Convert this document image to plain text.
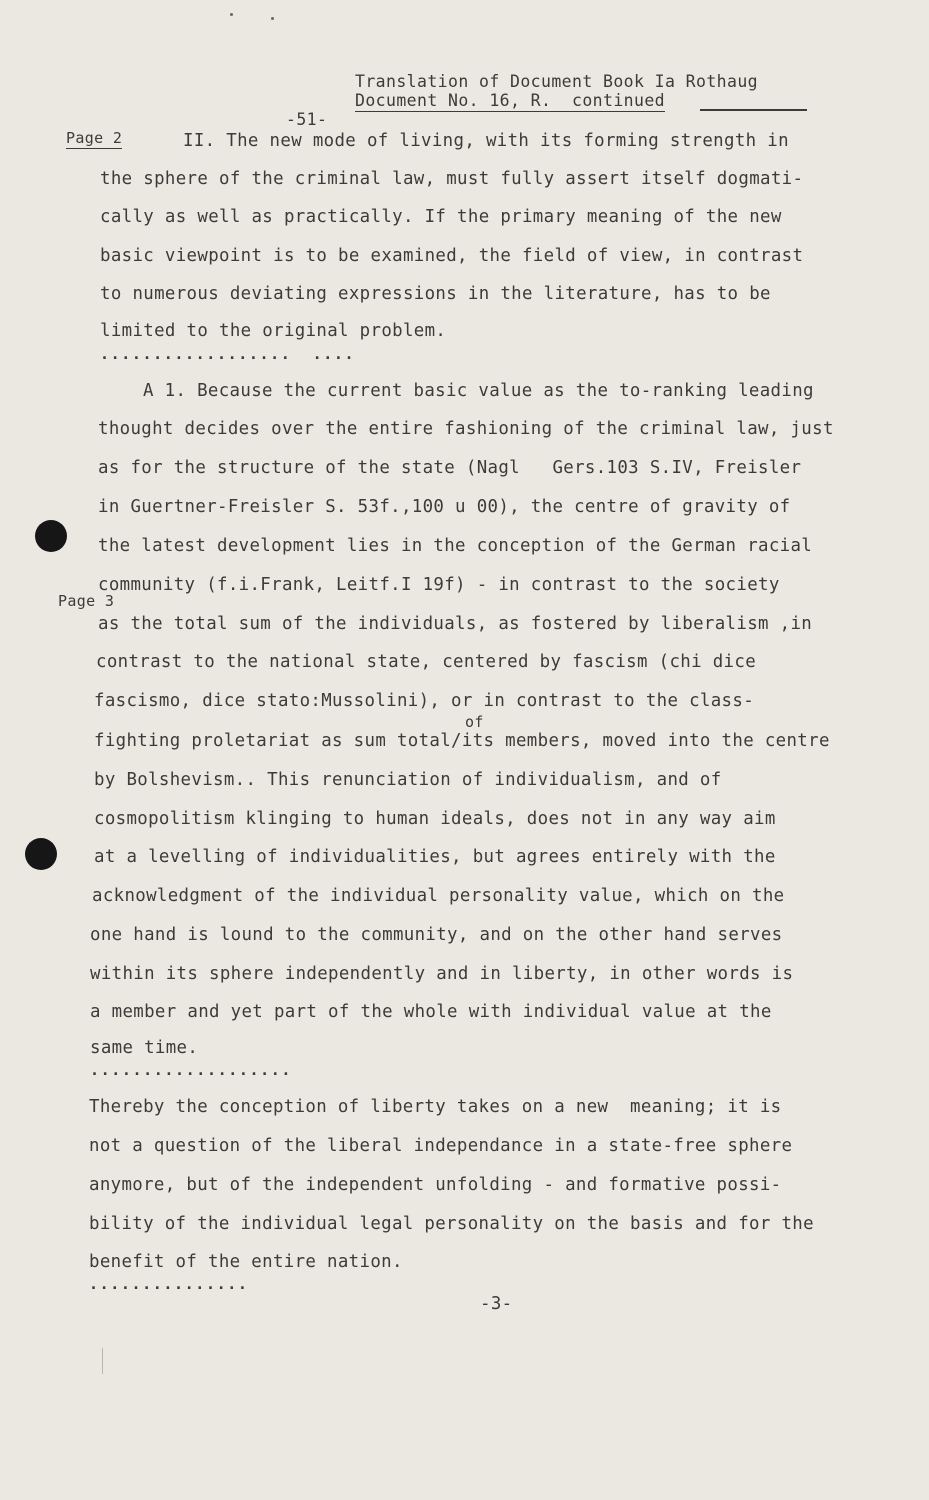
Translation of Document Book Ia Rothaug
Document No. 16, R.  continued
-51-
Page 2
Page 3
II. The new mode of living, with its forming strength in
the sphere of the criminal law, must fully assert itself dogmati-
cally as well as practically. If the primary meaning of the new
basic viewpoint is to be examined, the field of view, in contrast
to numerous deviating expressions in the literature, has to be
limited to the original problem.
..................  ....
A 1. Because the current basic value as the to-ranking leading
thought decides over the entire fashioning of the criminal law, just
as for the structure of the state (Nagl   Gers.103 S.IV, Freisler
in Guertner-Freisler S. 53f.,100 u 00), the centre of gravity of
the latest development lies in the conception of the German racial
community (f.i.Frank, Leitf.I 19f) - in contrast to the society
as the total sum of the individuals, as fostered by liberalism ,in
contrast to the national state, centered by fascism (chi dice
fascismo, dice stato:Mussolini), or in contrast to the class-
of
fighting proletariat as sum total/its members, moved into the centre
by Bolshevism.. This renunciation of individualism, and of
cosmopolitism klinging to human ideals, does not in any way aim
at a levelling of individualities, but agrees entirely with the
acknowledgment of the individual personality value, which on the
one hand is lound to the community, and on the other hand serves
within its sphere independently and in liberty, in other words is
a member and yet part of the whole with individual value at the
same time.
...................
Thereby the conception of liberty takes on a new  meaning; it is
not a question of the liberal independance in a state-free sphere
anymore, but of the independent unfolding - and formative possi-
bility of the individual legal personality on the basis and for the
benefit of the entire nation.
...............
-3-
